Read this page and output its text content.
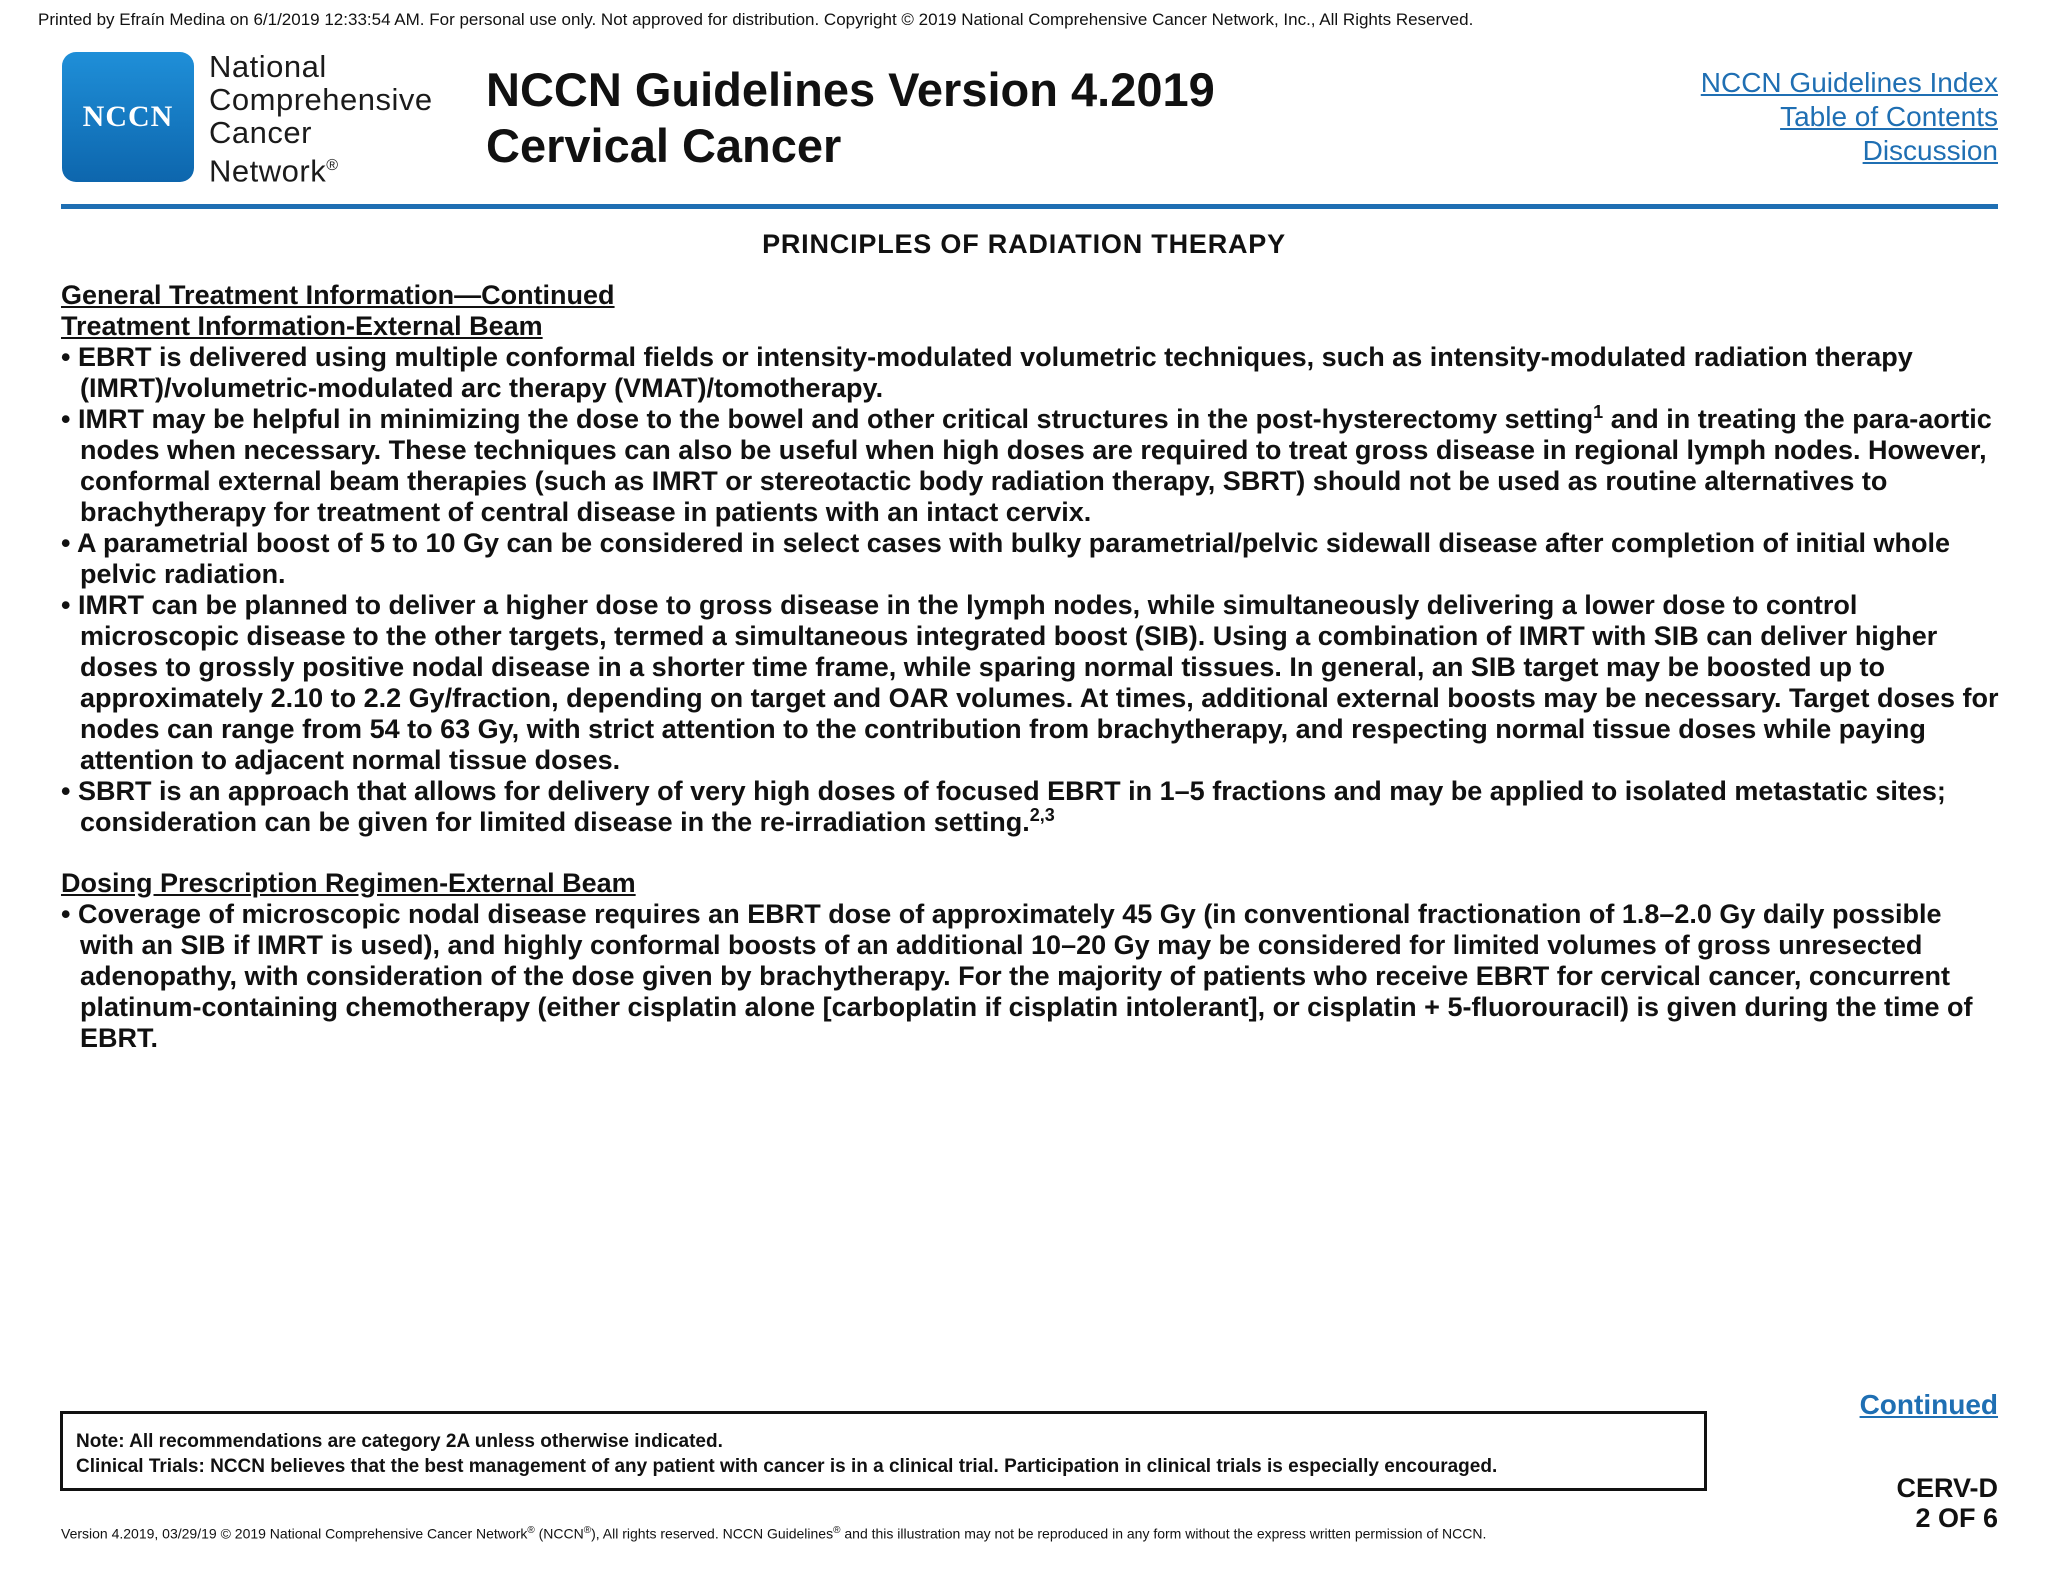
Printed by Efraín Medina on 6/1/2019 12:33:54 AM. For personal use only. Not approved for distribution. Copyright © 2019 National Comprehensive Cancer Network, Inc., All Rights Reserved.
NCCN
National
Comprehensive
Cancer
Network®
NCCN Guidelines Version 4.2019
Cervical Cancer
NCCN Guidelines Index
Table of Contents
Discussion
PRINCIPLES OF RADIATION THERAPY
General Treatment Information—Continued
Treatment Information-External Beam
• EBRT is delivered using multiple conformal fields or intensity-modulated volumetric techniques, such as intensity-modulated radiation therapy (IMRT)/volumetric-modulated arc therapy (VMAT)/tomotherapy.
• IMRT may be helpful in minimizing the dose to the bowel and other critical structures in the post-hysterectomy setting$^1$ and in treating the para-aortic nodes when necessary. These techniques can also be useful when high doses are required to treat gross disease in regional lymph nodes. However, conformal external beam therapies (such as IMRT or stereotactic body radiation therapy, SBRT) should not be used as routine alternatives to brachytherapy for treatment of central disease in patients with an intact cervix.
• A parametrial boost of 5 to 10 Gy can be considered in select cases with bulky parametrial/pelvic sidewall disease after completion of initial whole pelvic radiation.
• IMRT can be planned to deliver a higher dose to gross disease in the lymph nodes, while simultaneously delivering a lower dose to control microscopic disease to the other targets, termed a simultaneous integrated boost (SIB). Using a combination of IMRT with SIB can deliver higher doses to grossly positive nodal disease in a shorter time frame, while sparing normal tissues. In general, an SIB target may be boosted up to approximately 2.10 to 2.2 Gy/fraction, depending on target and OAR volumes. At times, additional external boosts may be necessary. Target doses for nodes can range from 54 to 63 Gy, with strict attention to the contribution from brachytherapy, and respecting normal tissue doses while paying attention to adjacent normal tissue doses.
• SBRT is an approach that allows for delivery of very high doses of focused EBRT in 1–5 fractions and may be applied to isolated metastatic sites; consideration can be given for limited disease in the re-irradiation setting.$^{2,3}$
Dosing Prescription Regimen-External Beam
• Coverage of microscopic nodal disease requires an EBRT dose of approximately 45 Gy (in conventional fractionation of 1.8–2.0 Gy daily possible with an SIB if IMRT is used), and highly conformal boosts of an additional 10–20 Gy may be considered for limited volumes of gross unresected adenopathy, with consideration of the dose given by brachytherapy. For the majority of patients who receive EBRT for cervical cancer, concurrent platinum-containing chemotherapy (either cisplatin alone [carboplatin if cisplatin intolerant], or cisplatin + 5-fluorouracil) is given during the time of EBRT.
Continued
Note: All recommendations are category 2A unless otherwise indicated.
Clinical Trials: NCCN believes that the best management of any patient with cancer is in a clinical trial. Participation in clinical trials is especially encouraged.
CERV-D
2 OF 6
Version 4.2019, 03/29/19 © 2019 National Comprehensive Cancer Network® (NCCN®), All rights reserved. NCCN Guidelines® and this illustration may not be reproduced in any form without the express written permission of NCCN.
